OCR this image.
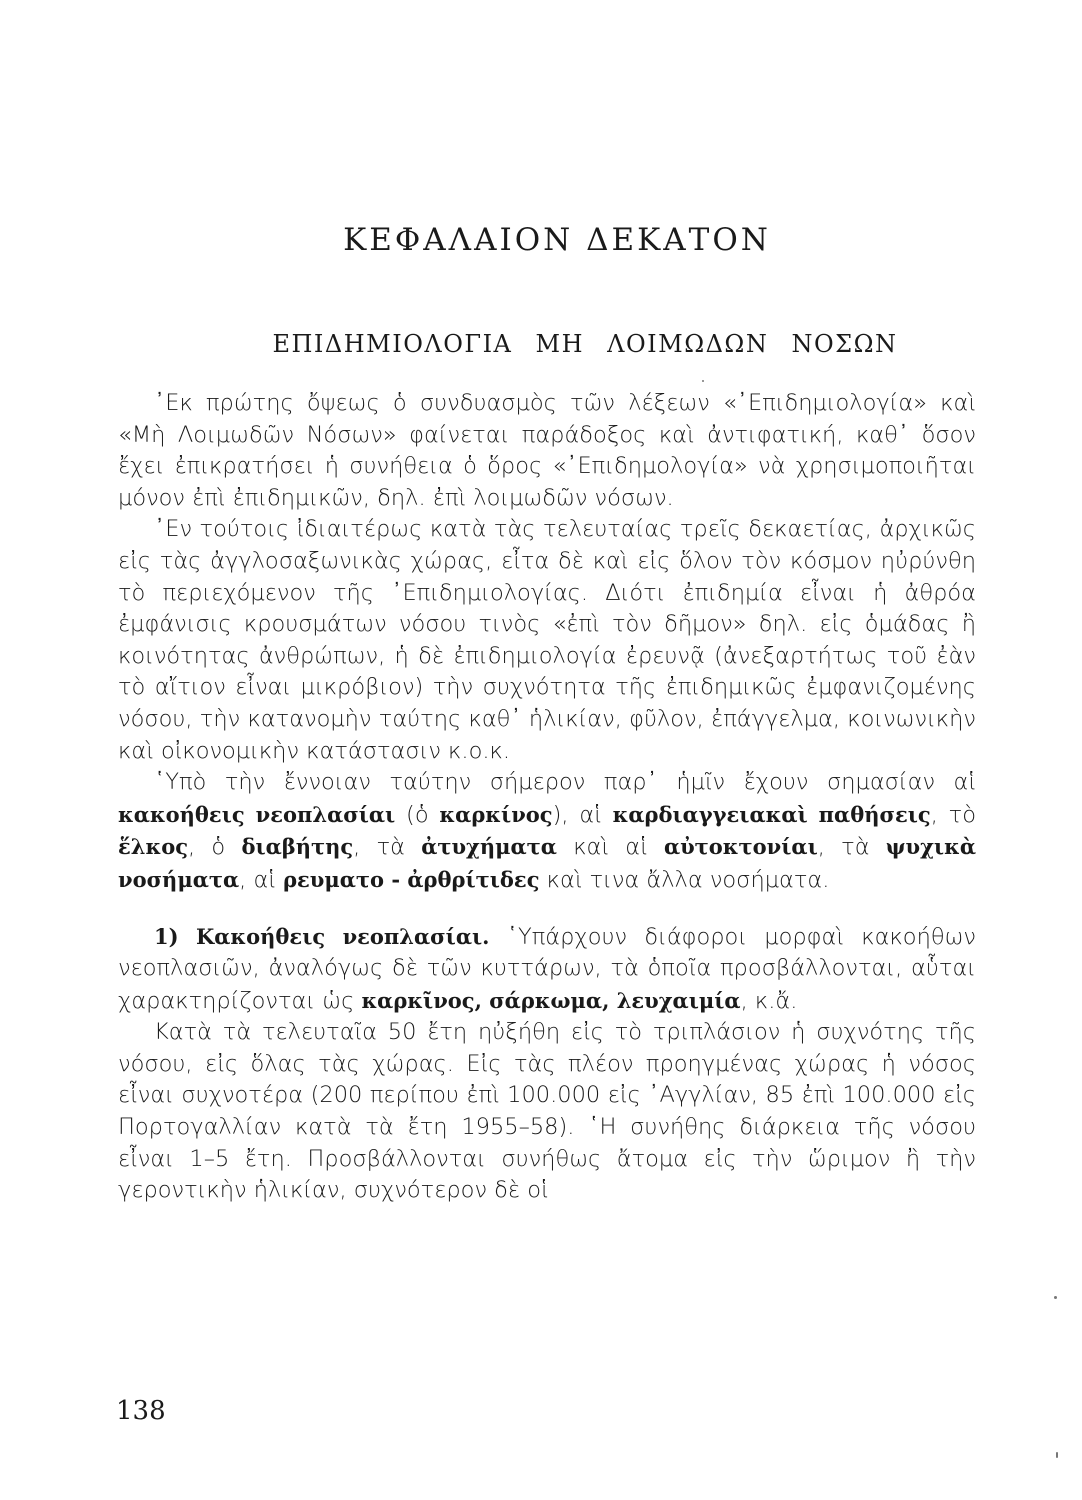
ΚΕΦΑΛΑΙΟΝ ΔΕΚΑΤΟΝ
ΕΠΙΔΗΜΙΟΛΟΓΙΑ ΜΗ ΛΟΙΜΩΔΩΝ ΝΟΣΩΝ

᾿Εκ πρώτης ὄψεως ὁ συνδυασμὸς τῶν λέξεων «᾿Επιδημιολογία» καὶ «Μὴ Λοιμωδῶν Νόσων» φαίνεται παράδοξος καὶ ἀντιφατική, καθ᾿ ὅσον ἔχει ἐπικρατήσει ἡ συνήθεια ὁ ὅρος «᾿Επιδημολογία» νὰ χρησιμοποιῆται μόνον ἐπὶ ἐπιδημικῶν, δηλ. ἐπὶ λοιμωδῶν νόσων.

᾿Εν τούτοις ἰδιαιτέρως κατὰ τὰς τελευταίας τρεῖς δεκαετίας, ἀρχικῶς εἰς τὰς ἀγγλοσαξωνικὰς χώρας, εἶτα δὲ καὶ εἰς ὅλον τὸν κόσμον ηὐρύνθη τὸ περιεχόμενον τῆς ᾿Επιδημιολογίας. Διότι ἐπιδημία εἶναι ἡ ἀθρόα ἐμφάνισις κρουσμάτων νόσου τινὸς «ἐπὶ τὸν δῆμον» δηλ. εἰς ὁμάδας ἢ κοινότητας ἀνθρώπων, ἡ δὲ ἐπιδημιολογία ἐρευνᾷ (ἀνεξαρτήτως τοῦ ἐὰν τὸ αἴτιον εἶναι μικρόβιον) τὴν συχνότητα τῆς ἐπιδημικῶς ἐμφανιζομένης νόσου, τὴν κατανομὴν ταύτης καθ᾿ ἡλικίαν, φῦλον, ἐπάγγελμα, κοινωνικὴν καὶ οἰκονομικὴν κατάστασιν κ.ο.κ.

῾Υπὸ τὴν ἔννοιαν ταύτην σήμερον παρ᾿ ἡμῖν ἔχουν σημασίαν αἱ κακοήθεις νεοπλασίαι (ὁ καρκίνος), αἱ καρδιαγγειακαὶ παθήσεις, τὸ ἕλκος, ὁ διαβήτης, τὰ ἀτυχήματα καὶ αἱ αὐτοκτονίαι, τὰ ψυχικὰ νοσήματα, αἱ ρευματο - ἀρθρίτιδες καὶ τινα ἄλλα νοσήματα.

1) Κακοήθεις νεοπλασίαι. ῾Υπάρχουν διάφοροι μορφαὶ κακοήθων νεοπλασιῶν, ἀναλόγως δὲ τῶν κυττάρων, τὰ ὁποῖα προσβάλλονται, αὗται χαρακτηρίζονται ὡς καρκῖνος, σάρκωμα, λευχαιμία, κ.ἄ.

Κατὰ τὰ τελευταῖα 50 ἔτη ηὐξήθη εἰς τὸ τριπλάσιον ἡ συχνότης τῆς νόσου, εἰς ὅλας τὰς χώρας. Εἰς τὰς πλέον προηγμένας χώρας ἡ νόσος εἶναι συχνοτέρα (200 περίπου ἐπὶ 100.000 εἰς ᾿Αγγλίαν, 85 ἐπὶ 100.000 εἰς Πορτογαλλίαν κατὰ τὰ ἔτη 1955–58). ῾Η συνήθης διάρκεια τῆς νόσου εἶναι 1–5 ἔτη. Προσβάλλονται συνήθως ἄτομα εἰς τὴν ὥριμον ἢ τὴν γεροντικὴν ἡλικίαν, συχνότερον δὲ οἱ

138
